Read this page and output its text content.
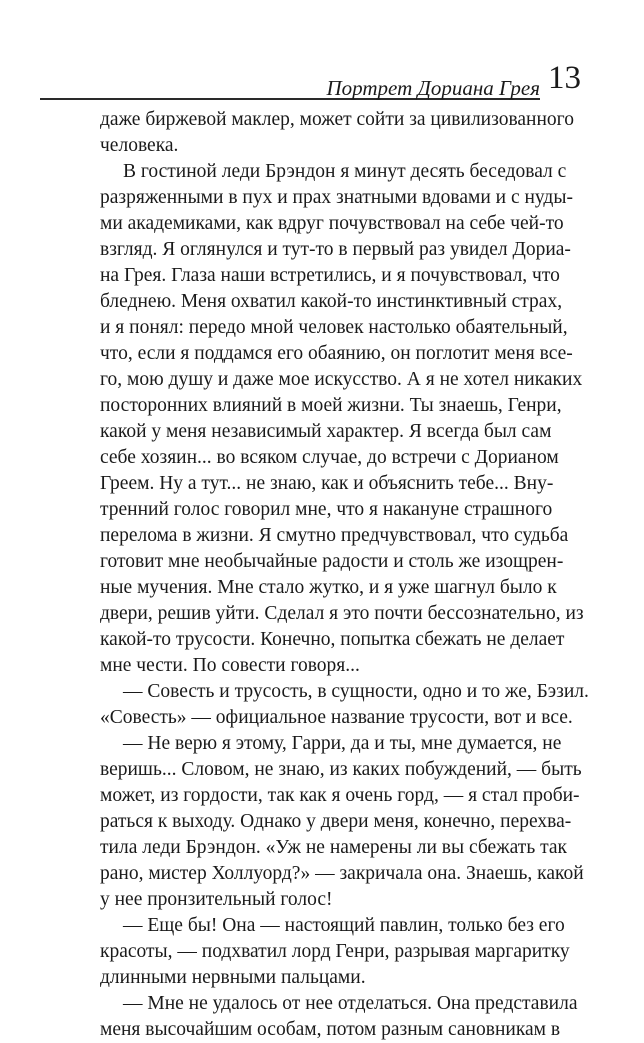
Портрет Дориана Грея 13
даже биржевой маклер, может сойти за цивилизованного
человека.
В гостиной леди Брэндон я минут десять беседовал с
разряженными в пух и прах знатными вдовами и с нуды-
ми академиками, как вдруг почувствовал на себе чей-то
взгляд. Я оглянулся и тут-то в первый раз увидел Дориа-
на Грея. Глаза наши встретились, и я почувствовал, что
бледнею. Меня охватил какой-то инстинктивный страх,
и я понял: передо мной человек настолько обаятельный,
что, если я поддамся его обаянию, он поглотит меня все-
го, мою душу и даже мое искусство. А я не хотел никаких
посторонних влияний в моей жизни. Ты знаешь, Генри,
какой у меня независимый характер. Я всегда был сам
себе хозяин... во всяком случае, до встречи с Дорианом
Греем. Ну а тут... не знаю, как и объяснить тебе... Вну-
тренний голос говорил мне, что я накануне страшного
перелома в жизни. Я смутно предчувствовал, что судьба
готовит мне необычайные радости и столь же изощрен-
ные мучения. Мне стало жутко, и я уже шагнул было к
двери, решив уйти. Сделал я это почти бессознательно, из
какой-то трусости. Конечно, попытка сбежать не делает
мне чести. По совести говоря...
— Совесть и трусость, в сущности, одно и то же, Бэзил.
«Совесть» — официальное название трусости, вот и все.
— Не верю я этому, Гарри, да и ты, мне думается, не
веришь... Словом, не знаю, из каких побуждений, — быть
может, из гордости, так как я очень горд, — я стал проби-
раться к выходу. Однако у двери меня, конечно, перехва-
тила леди Брэндон. «Уж не намерены ли вы сбежать так
рано, мистер Холлуорд?» — закричала она. Знаешь, какой
у нее пронзительный голос!
— Еще бы! Она — настоящий павлин, только без его
красоты, — подхватил лорд Генри, разрывая маргаритку
длинными нервными пальцами.
— Мне не удалось от нее отделаться. Она представила
меня высочайшим особам, потом разным сановникам в
